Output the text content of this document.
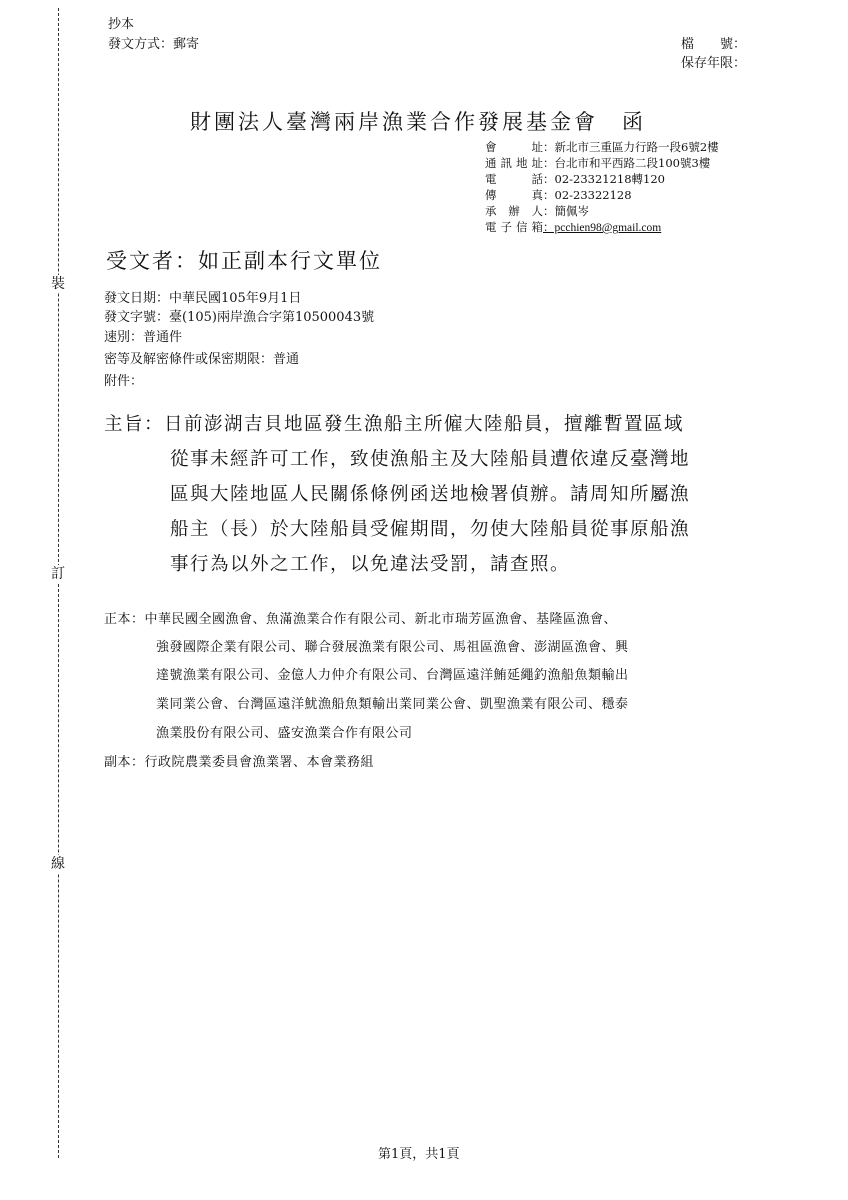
裝
訂
線
抄本
發文方式：郵寄	檔　　號：
保存年限：
財團法人臺灣兩岸漁業合作發展基金會　函
會址：新北市三重區力行路一段6號2樓
通訊地址：台北市和平西路二段100號3樓
電話：02-23321218轉120
傳真：02-23322128
承辦人：簡佩岑
電子信箱：pcchien98@gmail.com
受文者：如正副本行文單位
發文日期：中華民國105年9月1日
發文字號：臺(105)兩岸漁合字第10500043號
速別：普通件
密等及解密條件或保密期限：普通
附件：
主旨：日前澎湖吉貝地區發生漁船主所僱大陸船員，擅離暫置區域
從事未經許可工作，致使漁船主及大陸船員遭依違反臺灣地
區與大陸地區人民關係條例函送地檢署偵辦。請周知所屬漁
船主（長）於大陸船員受僱期間，勿使大陸船員從事原船漁
事行為以外之工作，以免違法受罰，請查照。
正本：中華民國全國漁會、魚滿漁業合作有限公司、新北市瑞芳區漁會、基隆區漁會、
強發國際企業有限公司、聯合發展漁業有限公司、馬祖區漁會、澎湖區漁會、興
達號漁業有限公司、金億人力仲介有限公司、台灣區遠洋鮪延繩釣漁船魚類輸出
業同業公會、台灣區遠洋魷漁船魚類輸出業同業公會、凱聖漁業有限公司、穩泰
漁業股份有限公司、盛安漁業合作有限公司
副本：行政院農業委員會漁業署、本會業務組
第1頁，共1頁
